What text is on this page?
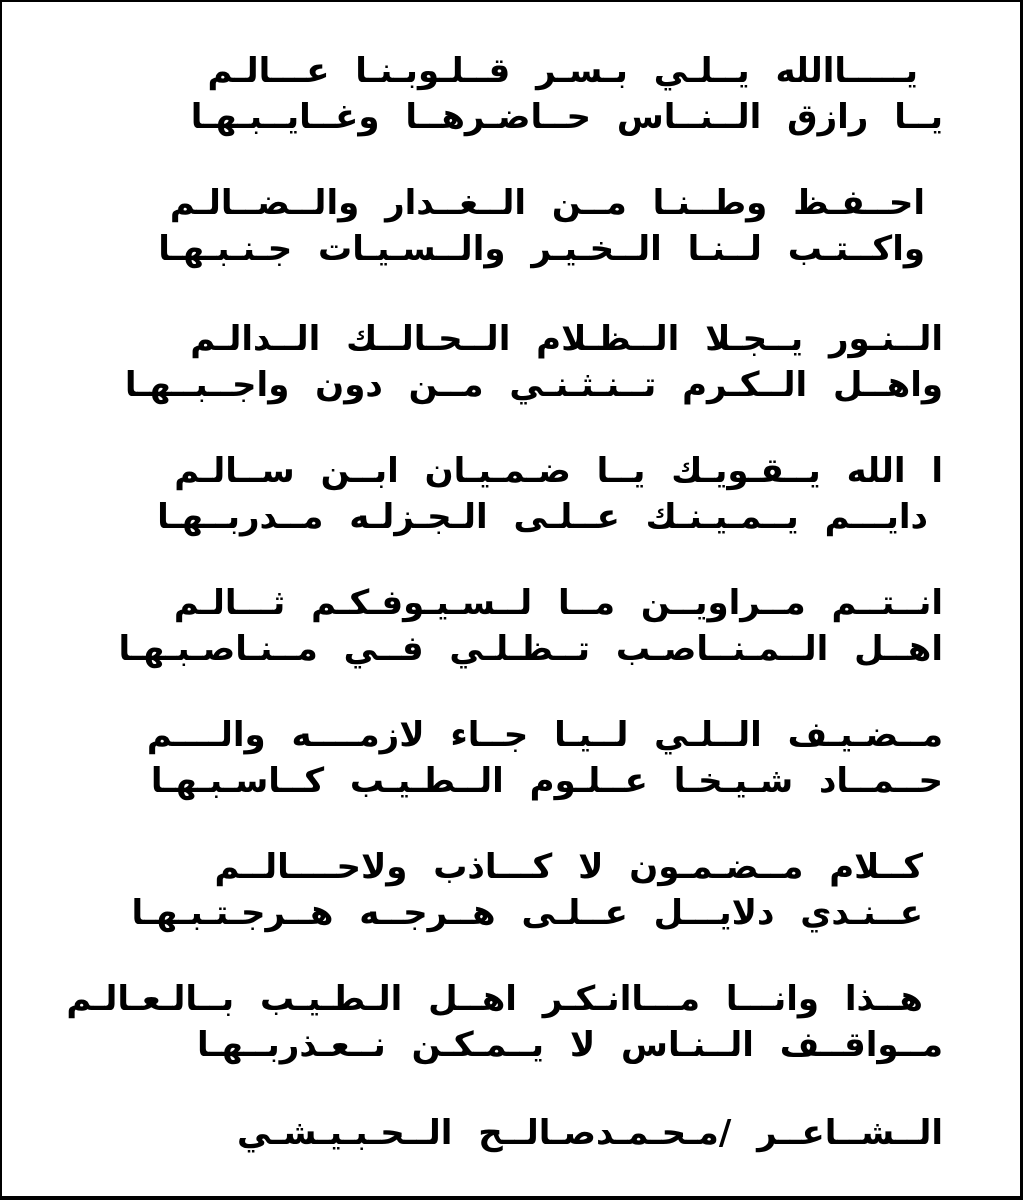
يـــــاالله يــلـي بـسـر قــلـوبـنـا عـــالـم
يــا رازق الــنــاس حــاضـرهــا وغــايــبـهـا
احــفـظ وطــنـا مــن الــغــدار والــضــالـم
واكــتـب لــنـا الــخـيـر والــسـيـات جـنـبـهـا
الــنـور يــجـلا الــظـلام الــحـالــك الــدالـم
واهــل الــكـرم تــنـثـنـي مــن دون واجــبــهـا
ا الله يــقـويـك يــا ضـمـيـان ابــن ســالـم
دايـــم يــمـيـنـك عــلـى الـجـزلـه مــدربــهـا
انــتــم مــراويــن مــا لــسـيـوفـكـم ثـــالـم
اهــل الــمـنــاصـب تــظـلـي فــي مــنـاصـبـهـا
مــضـيـف الــلـي لــيـا جــاء لازمــــه والــــم
حــمــاد شـيـخـا عــلـوم الــطـيـب كــاسـبـهـا
كــلام مــضـمـون لا كـــاذب ولاحــــالــم
عــنـدي دلايـــل عــلـى هــرجــه هــرجـتـبـهـا
هــذا وانـــا مـــاانـكـر اهــل الـطـيـب بــالـعـالـم
مــواقــف الــنـاس لا يــمـكـن نــعـذربــهـا
الــشــاعــر /مـحـمـدصـالــح الــحـبـيـشـي
